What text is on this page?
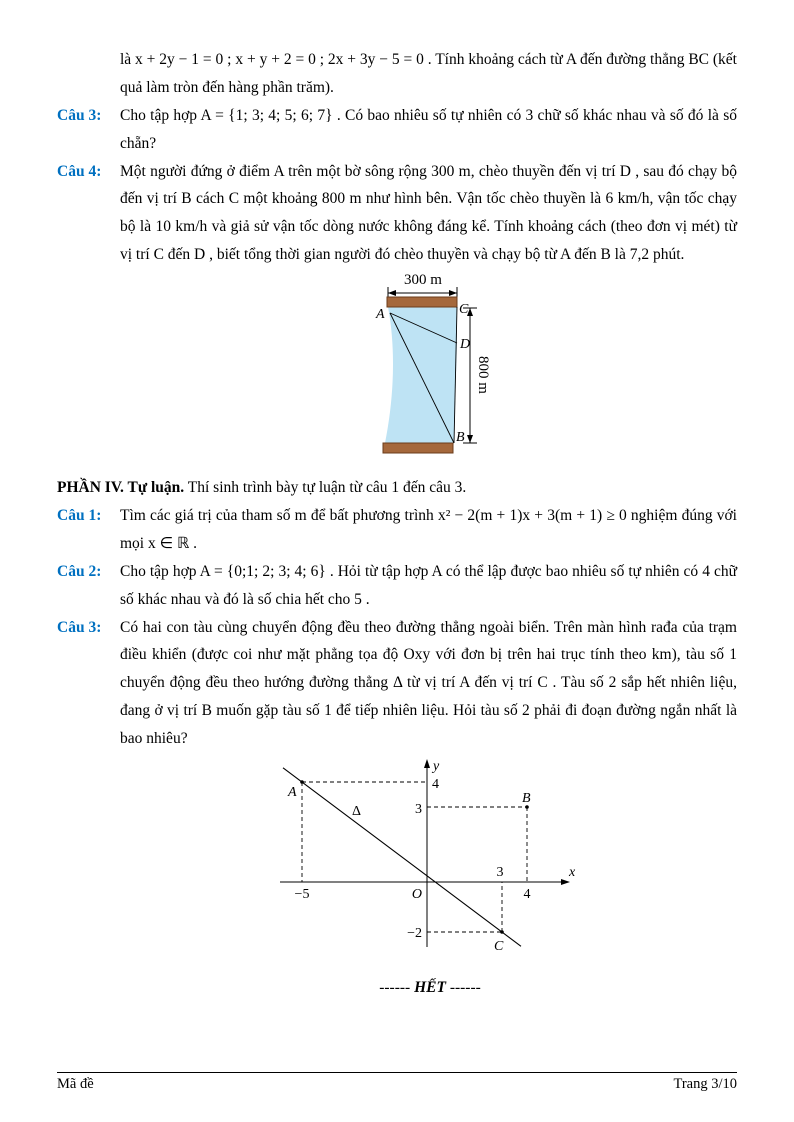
là x + 2y − 1 = 0 ; x + y + 2 = 0 ; 2x + 3y − 5 = 0 . Tính khoảng cách từ A đến đường thẳng BC (kết quả làm tròn đến hàng phần trăm).
Câu 3:	Cho tập hợp A = {1; 3; 4; 5; 6; 7} . Có bao nhiêu số tự nhiên có 3 chữ số khác nhau và số đó là số chẵn?
Câu 4:	Một người đứng ở điểm A trên một bờ sông rộng 300 m, chèo thuyền đến vị trí D , sau đó chạy bộ đến vị trí B cách C một khoảng 800 m như hình bên. Vận tốc chèo thuyền là 6 km/h, vận tốc chạy bộ là 10 km/h và giả sử vận tốc dòng nước không đáng kể. Tính khoảng cách (theo đơn vị mét) từ vị trí C đến D , biết tổng thời gian người đó chèo thuyền và chạy bộ từ A đến B là 7,2 phút.
300 m
A	C
D
B
800 m
PHẦN IV. Tự luận. Thí sinh trình bày tự luận từ câu 1 đến câu 3.
Câu 1:	Tìm các giá trị của tham số m để bất phương trình x² − 2(m + 1)x + 3(m + 1) ≥ 0 nghiệm đúng với mọi x ∈ ℝ .
Câu 2:	Cho tập hợp A = {0;1; 2; 3; 4; 6} . Hỏi từ tập hợp A có thể lập được bao nhiêu số tự nhiên có 4 chữ số khác nhau và đó là số chia hết cho 5 .
Câu 3:	Có hai con tàu cùng chuyển động đều theo đường thẳng ngoài biển. Trên màn hình rađa của trạm điều khiển (được coi như mặt phẳng tọa độ Oxy với đơn bị trên hai trục tính theo km), tàu số 1 chuyển động đều theo hướng đường thẳng Δ từ vị trí A đến vị trí C . Tàu số 2 sắp hết nhiên liệu, đang ở vị trí B muốn gặp tàu số 1 để tiếp nhiên liệu. Hỏi tàu số 2 phải đi đoạn đường ngắn nhất là bao nhiêu?
y
x
4
3
−2
3
4
−5	O
A	B
C
Δ
------ HẾT ------
Mã đề	Trang 3/10
